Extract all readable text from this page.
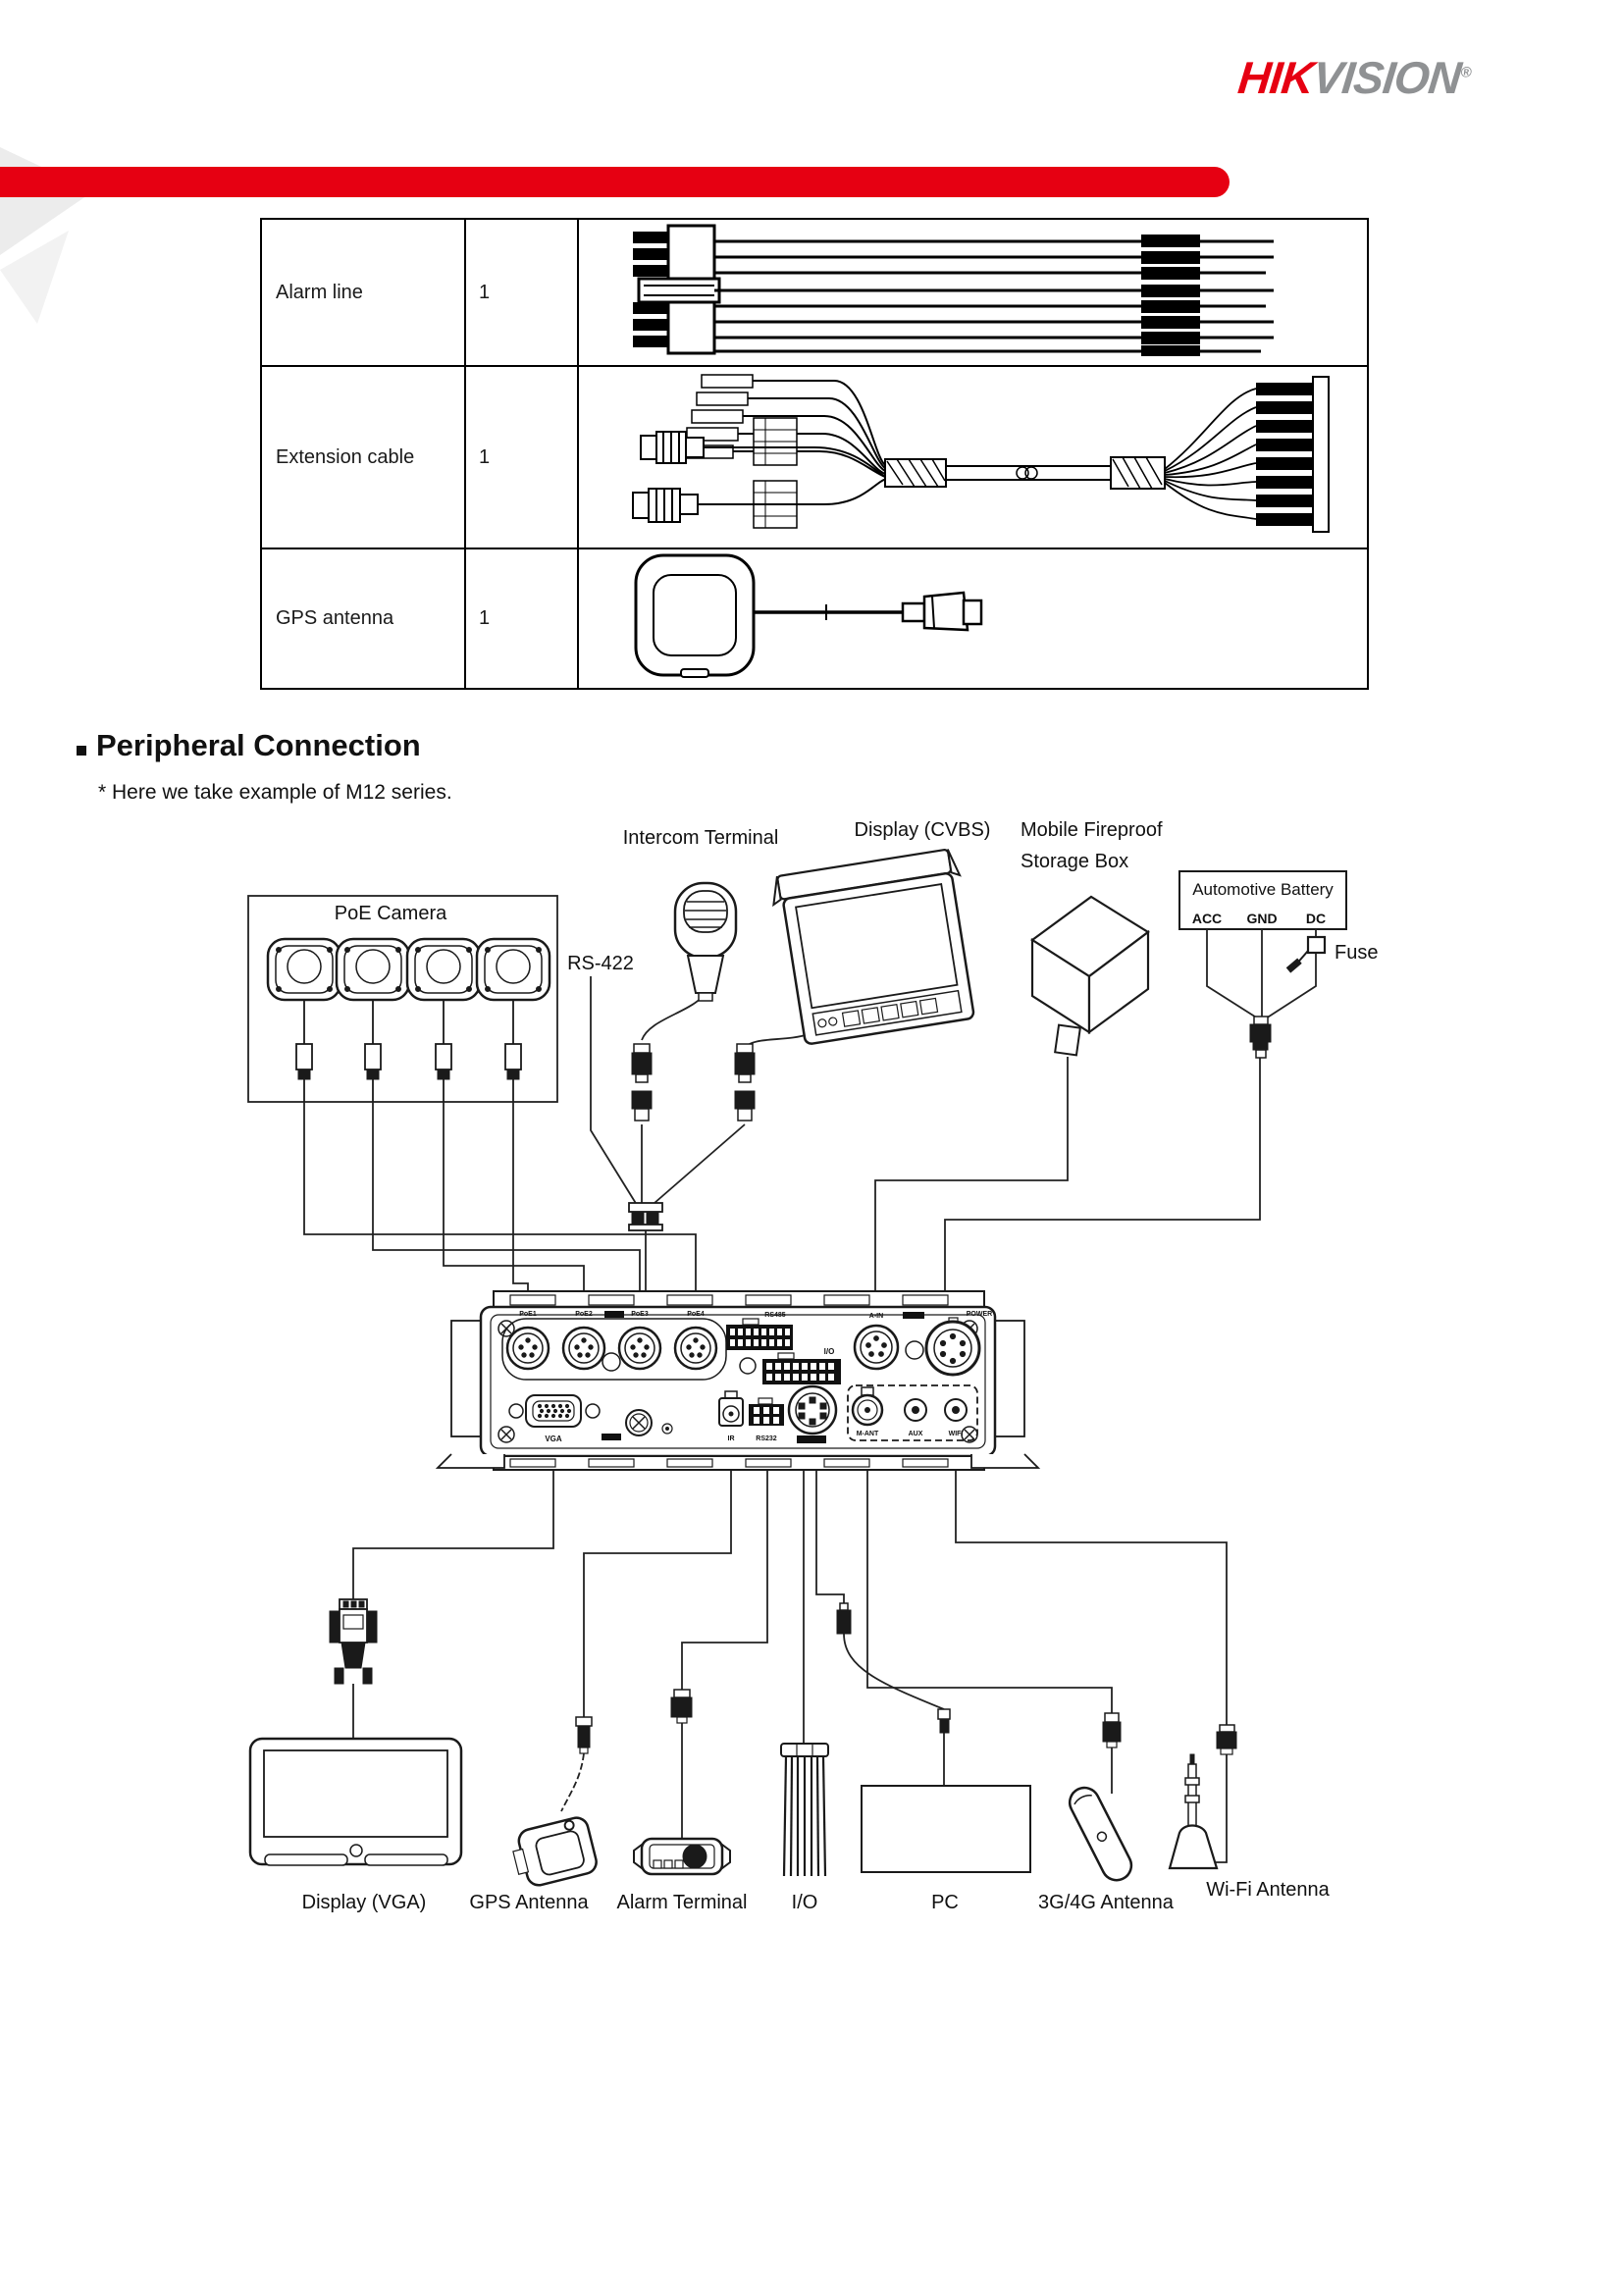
HIKVISION®
Alarm line	1	
Extension cable	1	
GPS antenna	1	
Peripheral Connection
* Here we take example of M12 series.
PoE Camera
RS-422
Intercom Terminal	Display (CVBS) Mobile Fireproof
Storage Box
Automotive Battery
ACC GND DC
Fuse
PoE1	PoE2	PoE3	PoE4	RS485
I/O
A-IN	POWER
VGA	IR	RS232
M-ANT	AUX	WIFI
Display (VGA) GPS Antenna Alarm Terminal I/O	PC	3G/4G Antenna
Wi-Fi Antenna
